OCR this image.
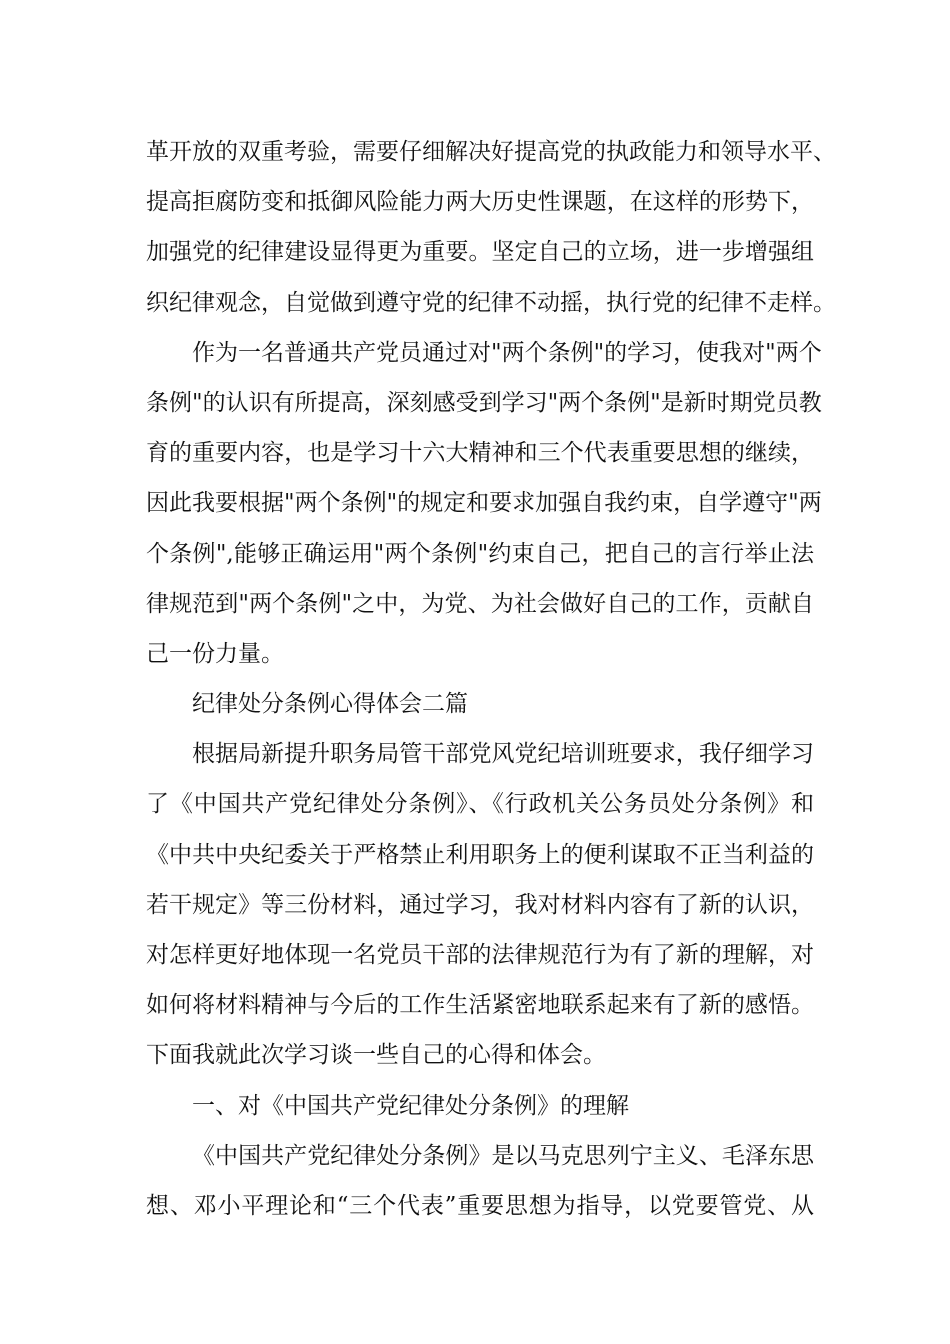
革开放的双重考验，需要仔细解决好提高党的执政能力和领导水平、
提高拒腐防变和抵御风险能力两大历史性课题，在这样的形势下，
加强党的纪律建设显得更为重要。坚定自己的立场，进一步增强组
织纪律观念，自觉做到遵守党的纪律不动摇，执行党的纪律不走样。
作为一名普通共产党员通过对"两个条例"的学习，使我对"两个
条例"的认识有所提高，深刻感受到学习"两个条例"是新时期党员教
育的重要内容，也是学习十六大精神和三个代表重要思想的继续，
因此我要根据"两个条例"的规定和要求加强自我约束，自学遵守"两
个条例",能够正确运用"两个条例"约束自己，把自己的言行举止法
律规范到"两个条例"之中，为党、为社会做好自己的工作，贡献自
己一份力量。
纪律处分条例心得体会二篇
根据局新提升职务局管干部党风党纪培训班要求，我仔细学习
了《中国共产党纪律处分条例》、《行政机关公务员处分条例》和
《中共中央纪委关于严格禁止利用职务上的便利谋取不正当利益的
若干规定》等三份材料，通过学习，我对材料内容有了新的认识，
对怎样更好地体现一名党员干部的法律规范行为有了新的理解，对
如何将材料精神与今后的工作生活紧密地联系起来有了新的感悟。
下面我就此次学习谈一些自己的心得和体会。
一、对《中国共产党纪律处分条例》的理解
《中国共产党纪律处分条例》是以马克思列宁主义、毛泽东思
想、邓小平理论和“三个代表”重要思想为指导，以党要管党、从
